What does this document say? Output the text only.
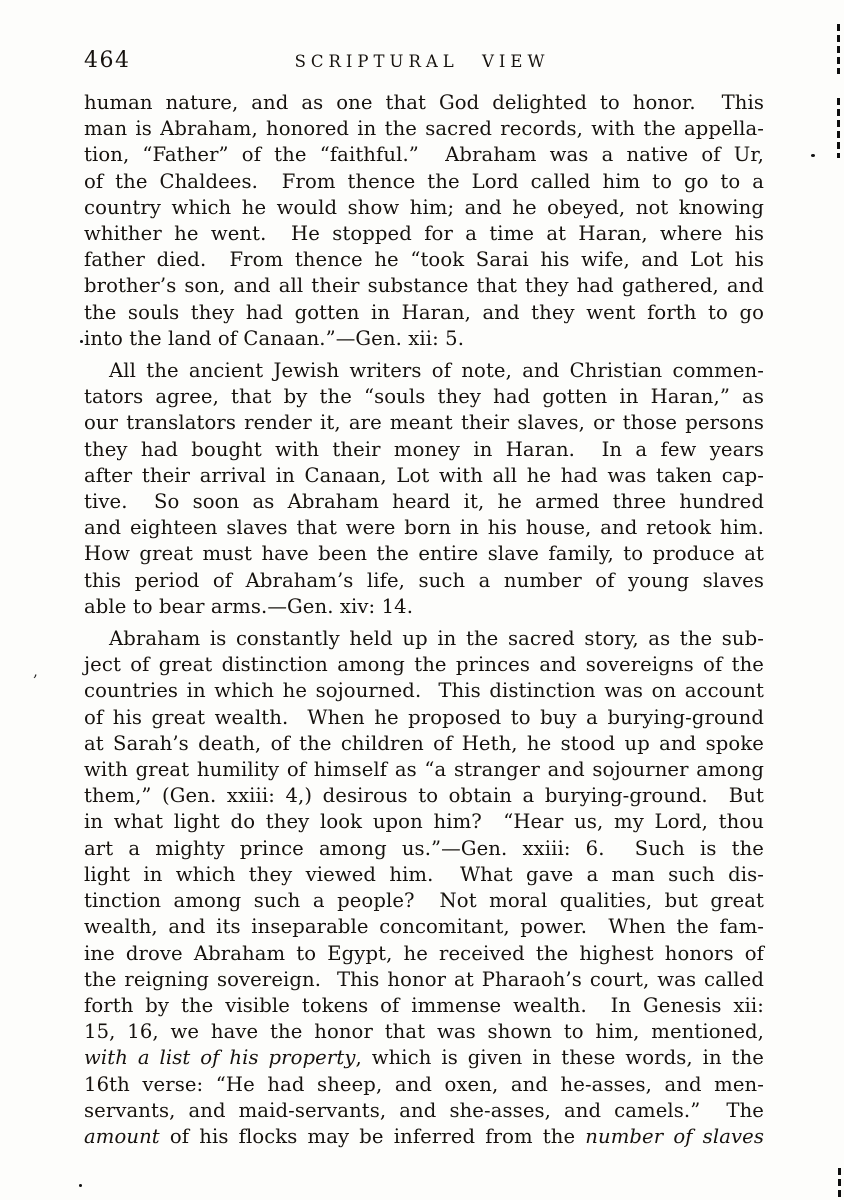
464	SCRIPTURAL VIEW
human nature, and as one that God delighted to honor.  This
man is Abraham, honored in the sacred records, with the appella-
tion, “Father” of the “faithful.”  Abraham was a native of Ur,
of the Chaldees.  From thence the Lord called him to go to a
country which he would show him; and he obeyed, not knowing
whither he went.  He stopped for a time at Haran, where his
father died.  From thence he “took Sarai his wife, and Lot his
brother’s son, and all their substance that they had gathered, and
the souls they had gotten in Haran, and they went forth to go
into the land of Canaan.”—Gen. xii: 5.
All the ancient Jewish writers of note, and Christian commen-
tators agree, that by the “souls they had gotten in Haran,” as
our translators render it, are meant their slaves, or those persons
they had bought with their money in Haran.  In a few years
after their arrival in Canaan, Lot with all he had was taken cap-
tive.  So soon as Abraham heard it, he armed three hundred
and eighteen slaves that were born in his house, and retook him.
How great must have been the entire slave family, to produce at
this period of Abraham’s life, such a number of young slaves
able to bear arms.—Gen. xiv: 14.
Abraham is constantly held up in the sacred story, as the sub-
ject of great distinction among the princes and sovereigns of the
countries in which he sojourned.  This distinction was on account
of his great wealth.  When he proposed to buy a burying-ground
at Sarah’s death, of the children of Heth, he stood up and spoke
with great humility of himself as “a stranger and sojourner among
them,” (Gen. xxiii: 4,) desirous to obtain a burying-ground.  But
in what light do they look upon him?  “Hear us, my Lord, thou
art a mighty prince among us.”—Gen. xxiii: 6.  Such is the
light in which they viewed him.  What gave a man such dis-
tinction among such a people?  Not moral qualities, but great
wealth, and its inseparable concomitant, power.  When the fam-
ine drove Abraham to Egypt, he received the highest honors of
the reigning sovereign.  This honor at Pharaoh’s court, was called
forth by the visible tokens of immense wealth.  In Genesis xii:
15, 16, we have the honor that was shown to him, mentioned,
with a list of his property, which is given in these words, in the
16th verse: “He had sheep, and oxen, and he-asses, and men-
servants, and maid-servants, and she-asses, and camels.”  The
amount of his flocks may be inferred from the number of slaves
‚
